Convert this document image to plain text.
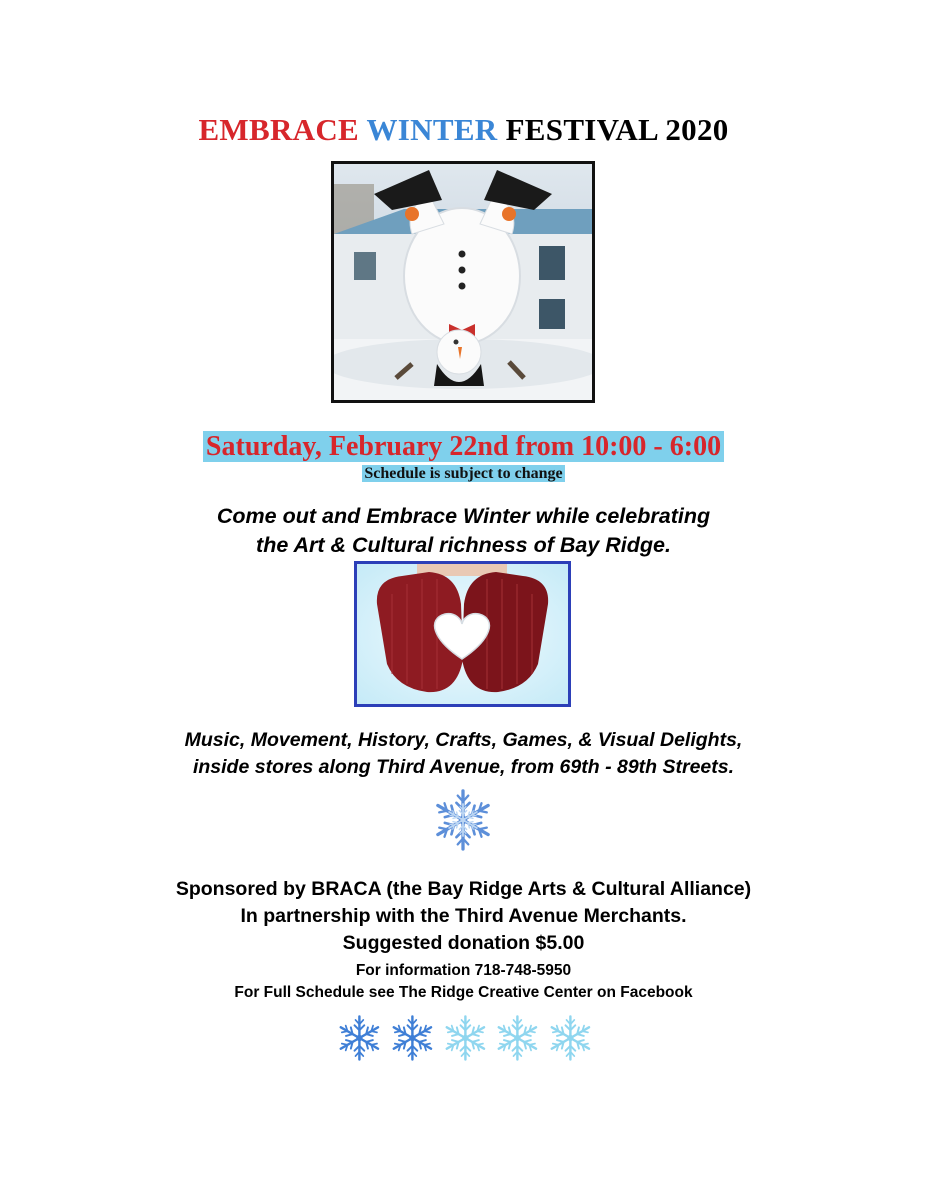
EMBRACE WINTER FESTIVAL 2020
Saturday, February 22nd from 10:00 - 6:00
Schedule is subject to change
Come out and Embrace Winter while celebrating
the Art & Cultural richness of Bay Ridge.
Music, Movement, History, Crafts, Games, & Visual Delights,
inside stores along Third Avenue, from 69th - 89th Streets.
Sponsored by BRACA (the Bay Ridge Arts & Cultural Alliance)
In partnership with the Third Avenue Merchants.
Suggested donation $5.00
For information 718-748-5950
For Full Schedule see The Ridge Creative Center on Facebook
